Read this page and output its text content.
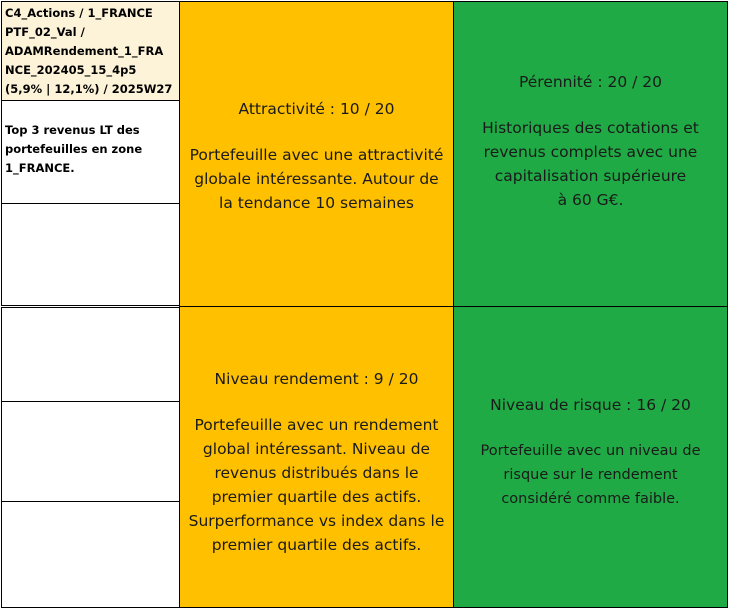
C4_Actions / 1_FRANCE
PTF_02_Val /
ADAMRendement_1_FRA
NCE_202405_15_4p5
(5,9% | 12,1%) / 2025W27
Top 3 revenus LT des
portefeuilles en zone
1_FRANCE.

Attractivité : 10 / 20

Portefeuille avec une attractivité

globale intéressante. Autour de

la tendance 10 semaines

Pérennité : 20 / 20

Historiques des cotations et

revenus complets avec une

capitalisation supérieure

à 60 G€.

Niveau rendement : 9 / 20

Portefeuille avec un rendement

global intéressant. Niveau de

revenus distribués dans le

premier quartile des actifs.

Surperformance vs index dans le

premier quartile des actifs.

Niveau de risque : 16 / 20

Portefeuille avec un niveau de

risque sur le rendement

considéré comme faible.
